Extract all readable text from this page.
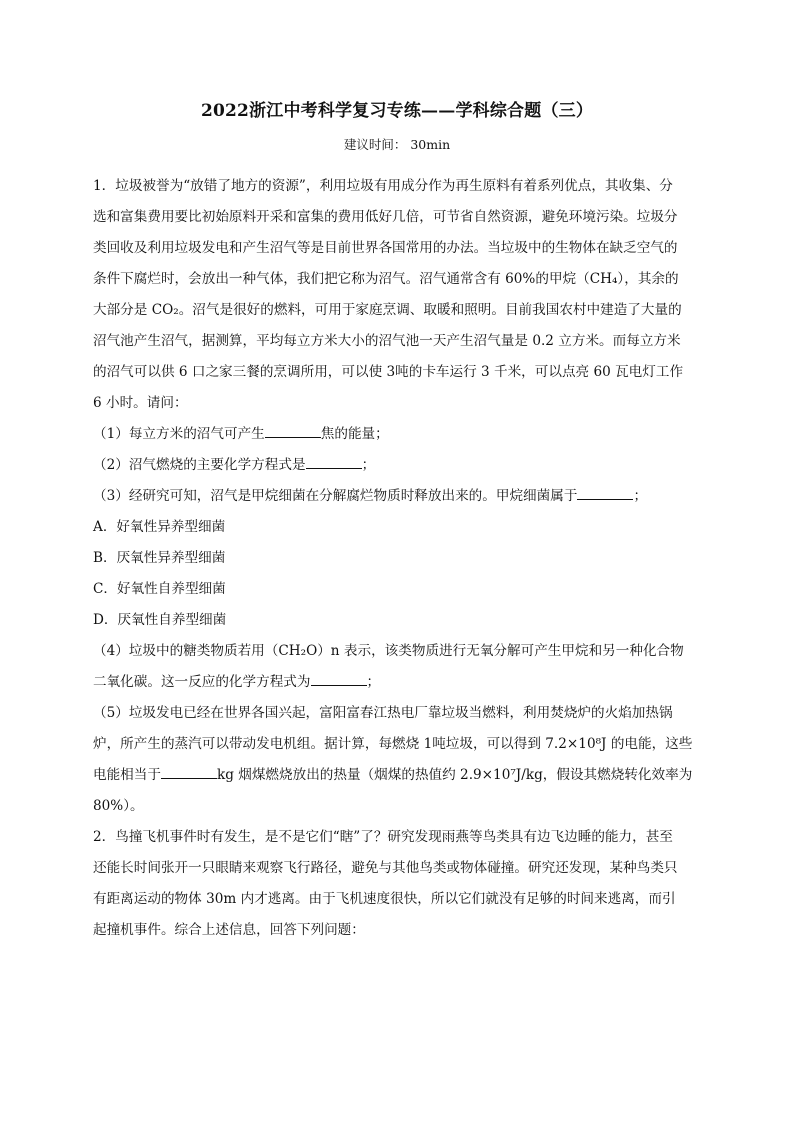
2022浙江中考科学复习专练——学科综合题（三）
建议时间： 30min
1．垃圾被誉为“放错了地方的资源”，利用垃圾有用成分作为再生原料有着系列优点，其收集、分
选和富集费用要比初始原料开采和富集的费用低好几倍，可节省自然资源，避免环境污染。垃圾分
类回收及利用垃圾发电和产生沼气等是目前世界各国常用的办法。当垃圾中的生物体在缺乏空气的
条件下腐烂时，会放出一种气体，我们把它称为沼气。沼气通常含有 60%的甲烷（CH₄），其余的
大部分是 CO₂。沼气是很好的燃料，可用于家庭烹调、取暖和照明。目前我国农村中建造了大量的
沼气池产生沼气，据测算，平均每立方米大小的沼气池一天产生沼气量是 0.2 立方米。而每立方米
的沼气可以供 6 口之家三餐的烹调所用，可以使 3吨的卡车运行 3 千米，可以点亮 60 瓦电灯工作
6 小时。请问：
（1）每立方米的沼气可产生	焦的能量；
（2）沼气燃烧的主要化学方程式是	；
（3）经研究可知，沼气是甲烷细菌在分解腐烂物质时释放出来的。甲烷细菌属于	；
A．好氧性异养型细菌
B．厌氧性异养型细菌
C．好氧性自养型细菌
D．厌氧性自养型细菌
（4）垃圾中的糖类物质若用（CH₂O）n 表示，该类物质进行无氧分解可产生甲烷和另一种化合物
二氧化碳。这一反应的化学方程式为	；
（5）垃圾发电已经在世界各国兴起，富阳富春江热电厂靠垃圾当燃料，利用焚烧炉的火焰加热锅
炉，所产生的蒸汽可以带动发电机组。据计算，每燃烧 1吨垃圾，可以得到 7.2×10⁸J 的电能，这些
电能相当于	kg 烟煤燃烧放出的热量（烟煤的热值约 2.9×10⁷J/kg，假设其燃烧转化效率为
80%）。
2．鸟撞飞机事件时有发生，是不是它们“瞎”了？研究发现雨燕等鸟类具有边飞边睡的能力，甚至
还能长时间张开一只眼睛来观察飞行路径，避免与其他鸟类或物体碰撞。研究还发现，某种鸟类只
有距离运动的物体 30m 内才逃离。由于飞机速度很快，所以它们就没有足够的时间来逃离，而引
起撞机事件。综合上述信息，回答下列问题：
